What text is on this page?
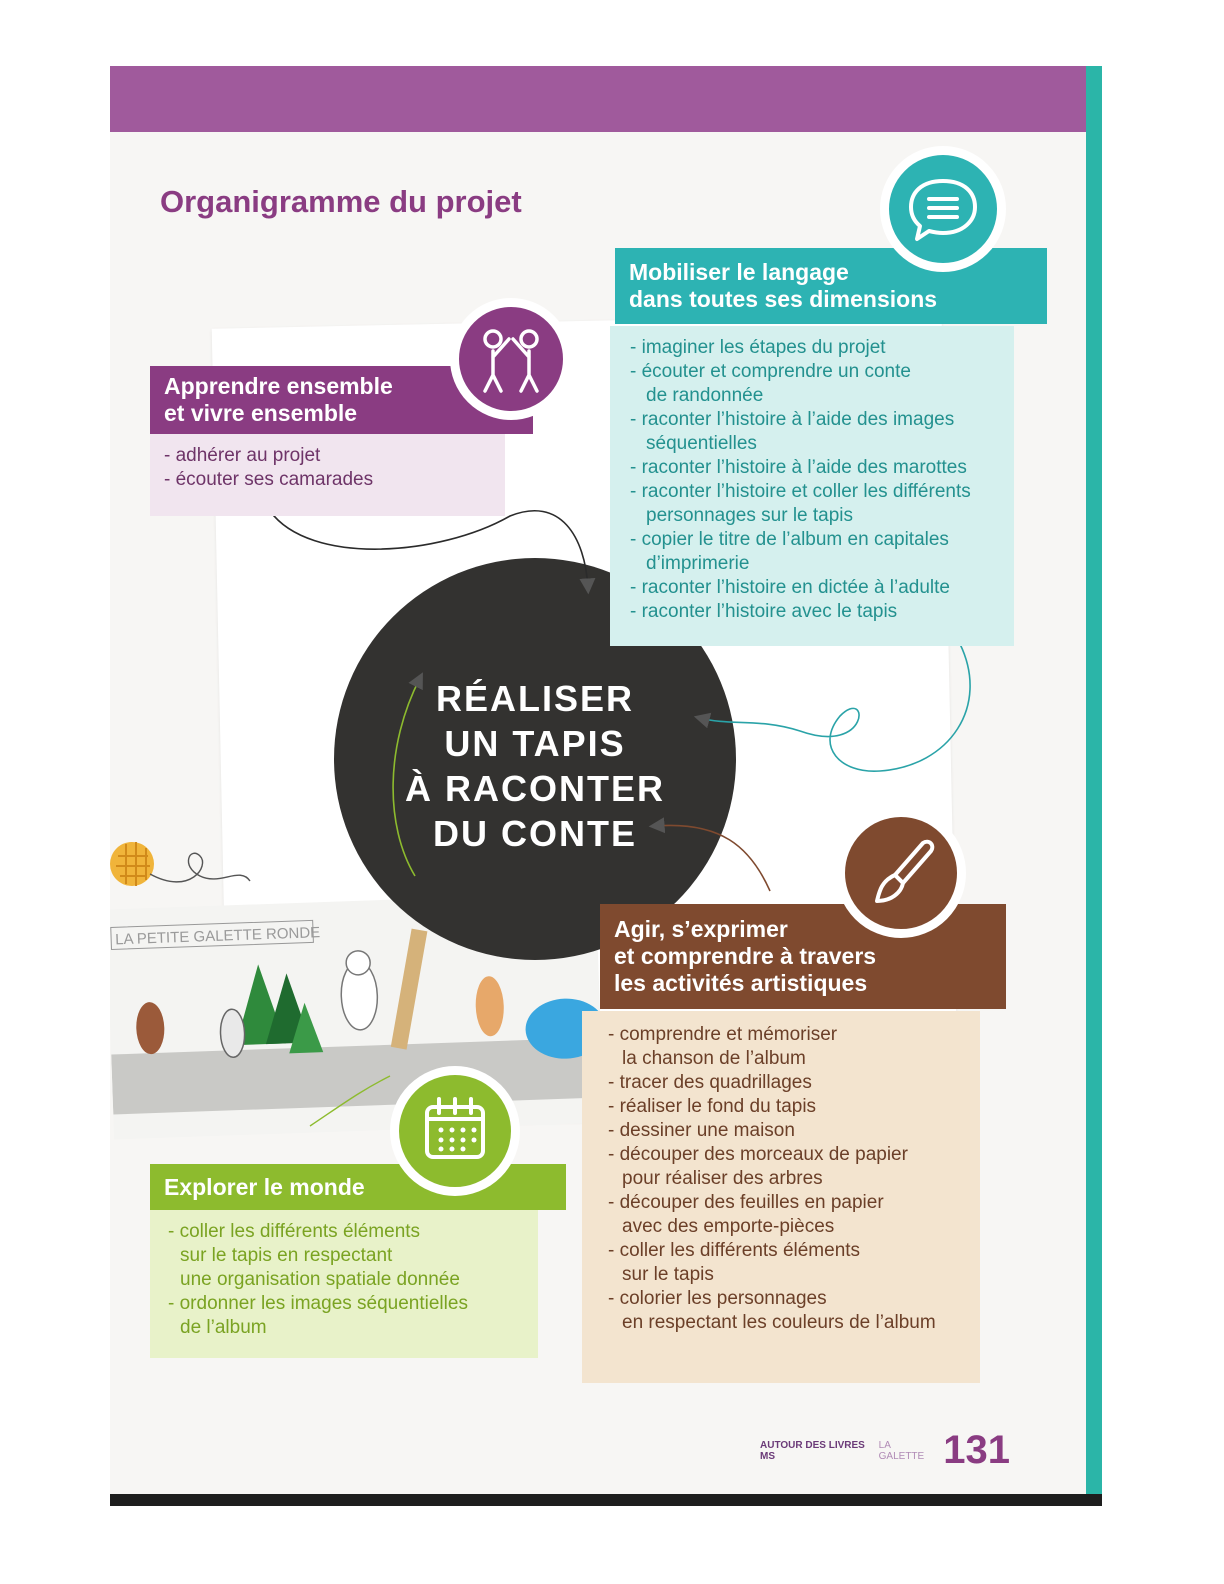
Organigramme du projet
LA PETITE GALETTE RONDE
RÉALISER
UN TAPIS
À RACONTER
DU CONTE
Apprendre ensemble
et vivre ensemble
- adhérer au projet
- écouter ses camarades
Mobiliser le langage
dans toutes ses dimensions
- imaginer les étapes du projet
- écouter et comprendre un conte
de randonnée
- raconter l’histoire à l’aide des images
séquentielles
- raconter l’histoire à l’aide des marottes
- raconter l’histoire et coller les différents
personnages sur le tapis
- copier le titre de l’album en capitales
d’imprimerie
- raconter l’histoire en dictée à l’adulte
- raconter l’histoire avec le tapis
Agir, s’exprimer
et comprendre à travers
les activités artistiques
- comprendre et mémoriser
la chanson de l’album
- tracer des quadrillages
- réaliser le fond du tapis
- dessiner une maison
- découper des morceaux de papier
pour réaliser des arbres
- découper des feuilles en papier
avec des emporte-pièces
- coller les différents éléments
sur le tapis
- colorier les personnages
en respectant les couleurs de l’album
Explorer le monde
- coller les différents éléments
sur le tapis en respectant
une organisation spatiale donnée
- ordonner les images séquentielles
de l’album
AUTOUR DES LIVRES MS
LA GALETTE 131
